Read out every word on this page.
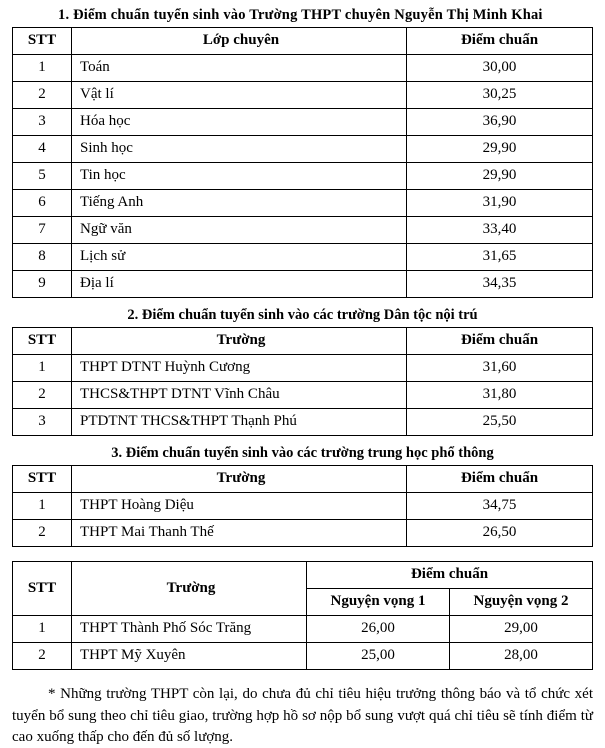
1. Điểm chuẩn tuyển sinh vào Trường THPT chuyên Nguyễn Thị Minh Khai

STT	Lớp chuyên	Điểm chuẩn
1	Toán	30,00
2	Vật lí	30,25
3	Hóa học	36,90
4	Sinh học	29,90
5	Tin học	29,90
6	Tiếng Anh	31,90
7	Ngữ văn	33,40
8	Lịch sử	31,65
9	Địa lí	34,35

2. Điểm chuẩn tuyển sinh vào các trường Dân tộc nội trú

STT	Trường	Điểm chuẩn
1	THPT DTNT Huỳnh Cương	31,60
2	THCS&THPT DTNT Vĩnh Châu	31,80
3	PTDTNT THCS&THPT Thạnh Phú	25,50

3. Điểm chuẩn tuyển sinh vào các trường trung học phổ thông

STT	Trường	Điểm chuẩn
1	THPT Hoàng Diệu	34,75
2	THPT Mai Thanh Thế	26,50
STT	Trường	Điểm chuẩn	
		Nguyện vọng 1	Nguyện vọng 2
1	THPT Thành Phố Sóc Trăng	26,00	29,00
2	THPT Mỹ Xuyên	25,00	28,00

* Những trường THPT còn lại, do chưa đủ chỉ tiêu hiệu trưởng thông báo và tổ chức xét tuyển bổ sung theo chỉ tiêu giao, trường hợp hồ sơ nộp bổ sung vượt quá chỉ tiêu sẽ tính điểm từ cao xuống thấp cho đến đủ số lượng.
